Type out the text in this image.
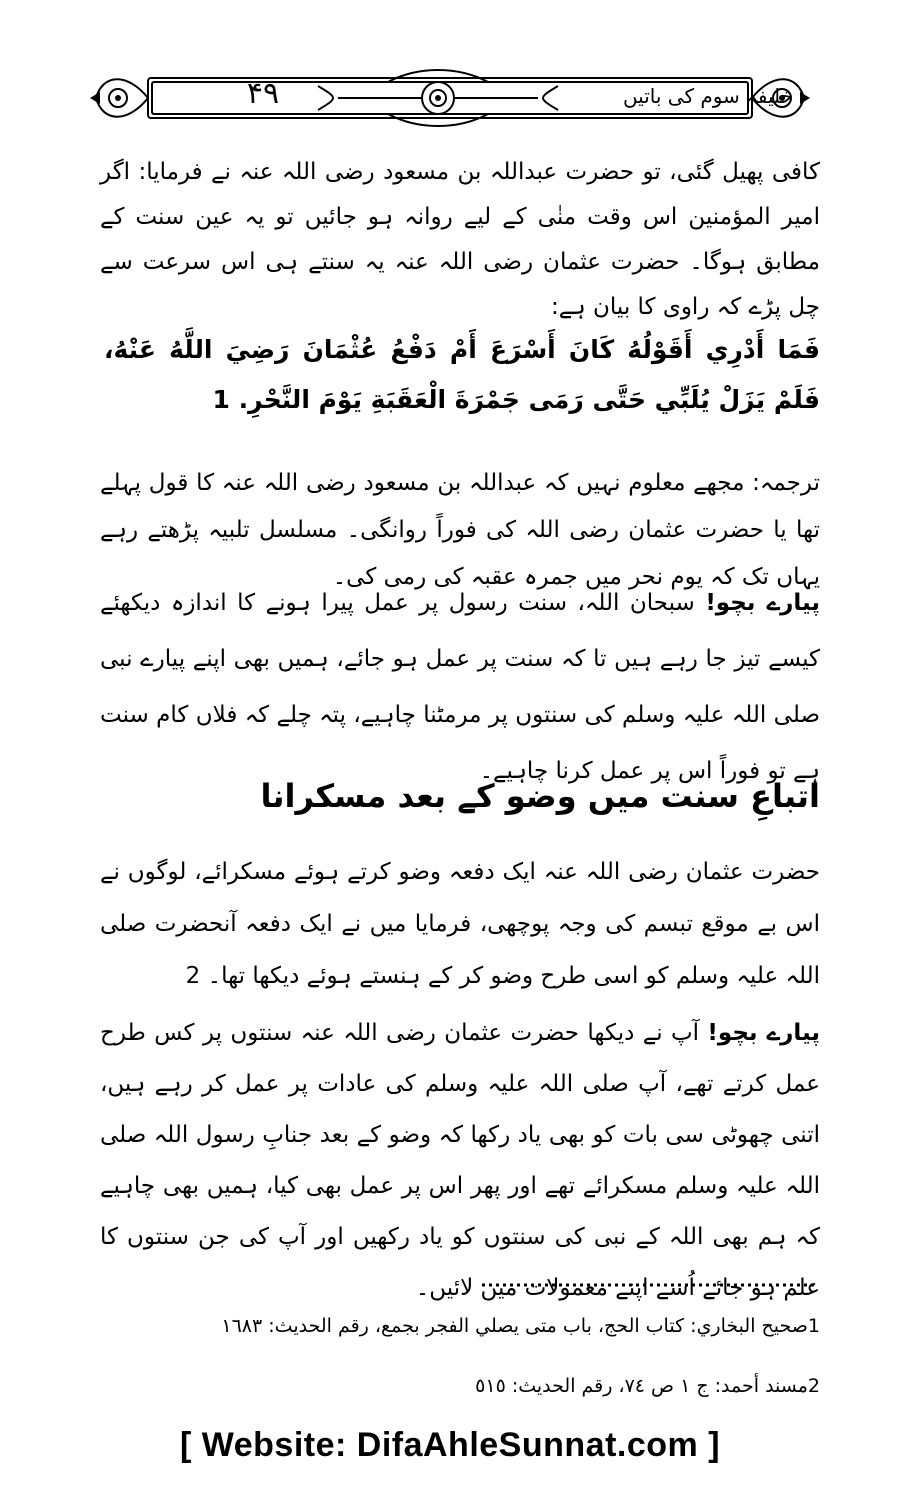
۴۹	خلیفہ سوم کی باتیں
کافی پھیل گئی، تو حضرت عبداللہ بن مسعود رضی اللہ عنہ نے فرمایا: اگر امیر المؤمنین اس وقت منٰی کے لیے روانہ ہو جائیں تو یہ عین سنت کے مطابق ہوگا۔ حضرت عثمان رضی اللہ عنہ یہ سنتے ہی اس سرعت سے چل پڑے کہ راوی کا بیان ہے:
فَمَا أَدْرِي أَقَوْلُهُ كَانَ أَسْرَعَ أَمْ دَفْعُ عُثْمَانَ رَضِيَ اللَّهُ عَنْهُ، فَلَمْ يَزَلْ يُلَبِّي حَتَّى رَمَى جَمْرَةَ الْعَقَبَةِ يَوْمَ النَّحْرِ. 1
ترجمہ: مجھے معلوم نہیں کہ عبداللہ بن مسعود رضی اللہ عنہ کا قول پہلے تھا یا حضرت عثمان رضی اللہ کی فوراً روانگی۔ مسلسل تلبیہ پڑھتے رہے یہاں تک کہ یوم نحر میں جمرہ عقبہ کی رمی کی۔
پیارے بچو! سبحان اللہ، سنت رسول پر عمل پیرا ہونے کا اندازہ دیکھئے کیسے تیز جا رہے ہیں تا کہ سنت پر عمل ہو جائے، ہمیں بھی اپنے پیارے نبی صلی اللہ علیہ وسلم کی سنتوں پر مرمٹنا چاہیے، پتہ چلے کہ فلاں کام سنت ہے تو فوراً اس پر عمل کرنا چاہیے۔
اتباعِ سنت میں وضو کے بعد مسکرانا
حضرت عثمان رضی اللہ عنہ ایک دفعہ وضو کرتے ہوئے مسکرائے، لوگوں نے اس بے موقع تبسم کی وجہ پوچھی، فرمایا میں نے ایک دفعہ آنحضرت صلی اللہ علیہ وسلم کو اسی طرح وضو کر کے ہنستے ہوئے دیکھا تھا۔ 2
پیارے بچو! آپ نے دیکھا حضرت عثمان رضی اللہ عنہ سنتوں پر کس طرح عمل کرتے تھے، آپ صلی اللہ علیہ وسلم کی عادات پر عمل کر رہے ہیں، اتنی چھوٹی سی بات کو بھی یاد رکھا کہ وضو کے بعد جنابِ رسول اللہ صلی اللہ علیہ وسلم مسکرائے تھے اور پھر اس پر عمل بھی کیا، ہمیں بھی چاہیے کہ ہم بھی اللہ کے نبی کی سنتوں کو یاد رکھیں اور آپ کی جن سنتوں کا علم ہو جائے اُسے اپنے معمولات میں لائیں۔
1صحيح البخاري: كتاب الحج، باب متى يصلي الفجر بجمع، رقم الحديث: ١٦٨٣
2مسند أحمد: ج ١ ص ٧٤، رقم الحديث: ٥١٥
[ Website: DifaAhleSunnat.com ]
